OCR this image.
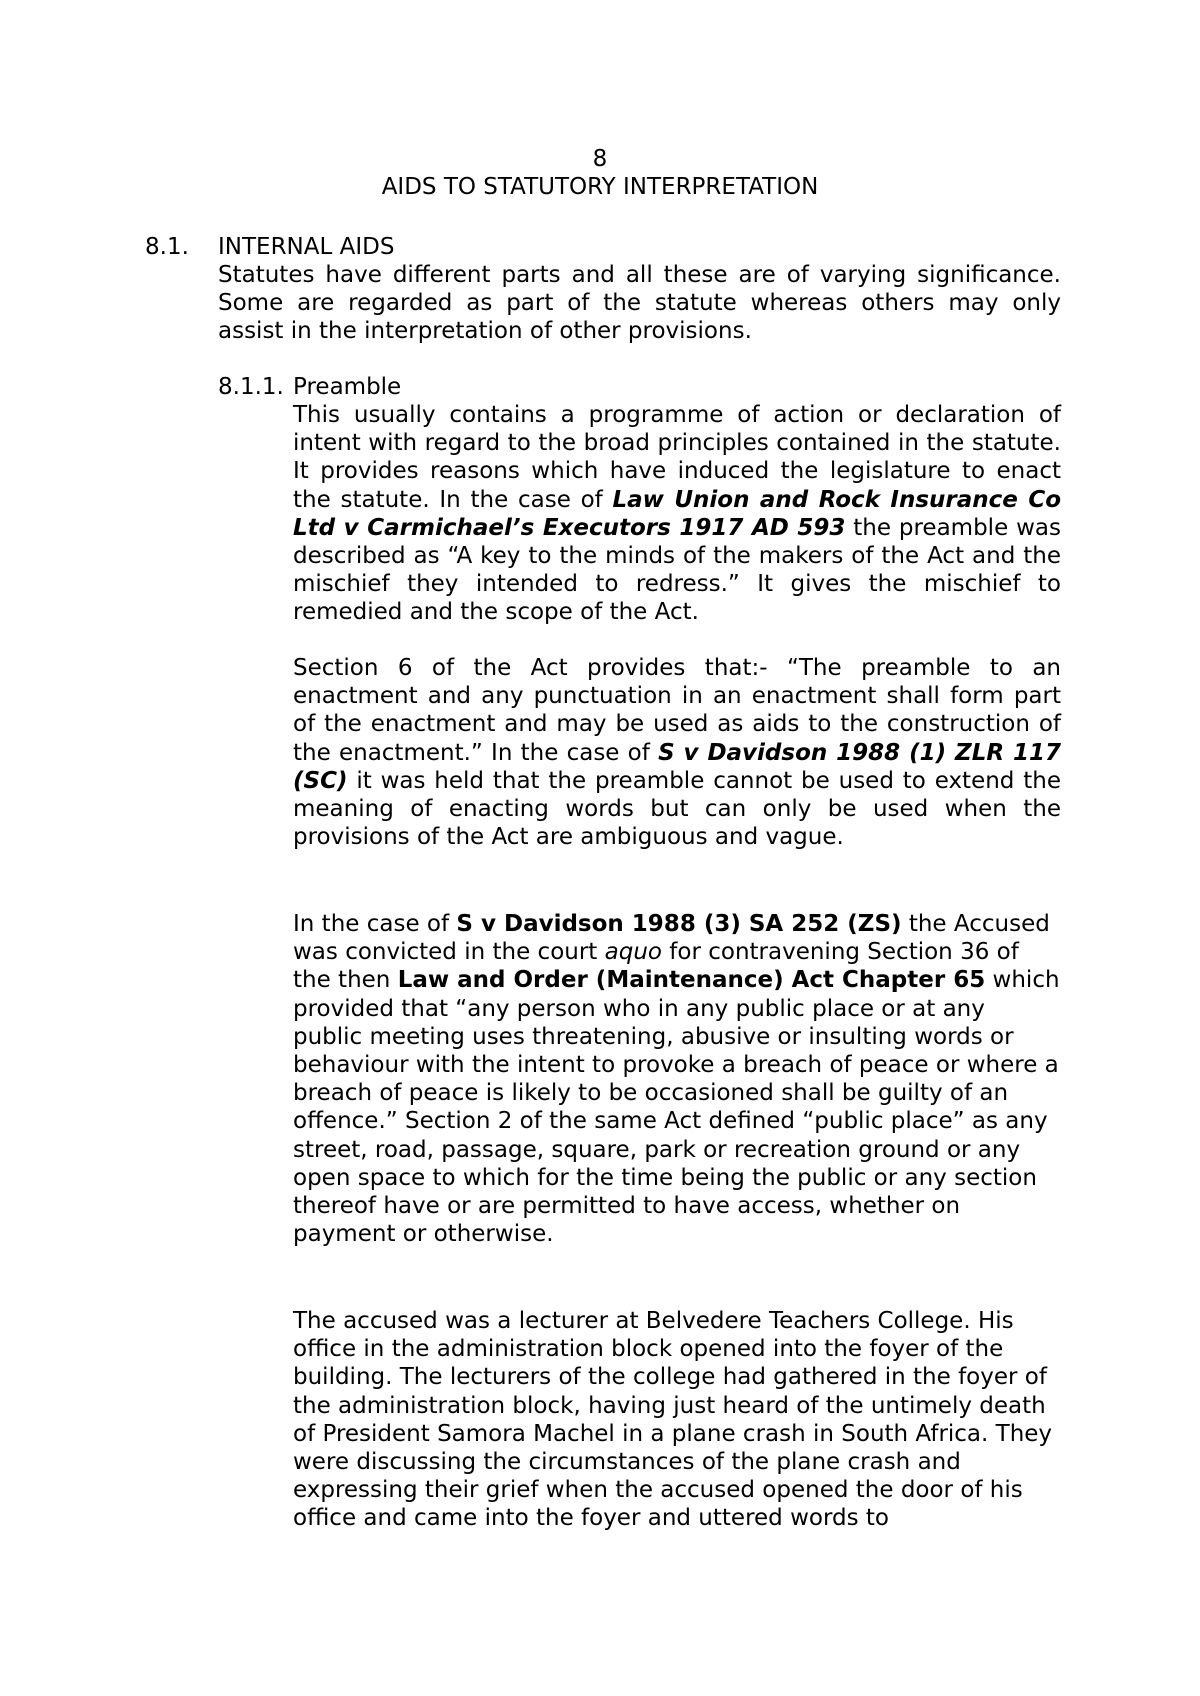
8
AIDS TO STATUTORY INTERPRETATION
8.1. INTERNAL AIDS

Statutes have different parts and all these are of varying significance. Some are regarded as part of the statute whereas others may only assist in the interpretation of other provisions.

8.1.1. Preamble

This usually contains a programme of action or declaration of intent with regard to the broad principles contained in the statute. It provides reasons which have induced the legislature to enact the statute. In the case of Law Union and Rock Insurance Co Ltd v Carmichael’s Executors 1917 AD 593 the preamble was described as “A key to the minds of the makers of the Act and the mischief they intended to redress.” It gives the mischief to remedied and the scope of the Act.

Section 6 of the Act provides that:- “The preamble to an enactment and any punctuation in an enactment shall form part of the enactment and may be used as aids to the construction of the enactment.” In the case of S v Davidson 1988 (1) ZLR 117 (SC) it was held that the preamble cannot be used to extend the meaning of enacting words but can only be used when the provisions of the Act are ambiguous and vague.

In the case of S v Davidson 1988 (3) SA 252 (ZS) the Accused was convicted in the court aquo for contravening Section 36 of the then Law and Order (Maintenance) Act Chapter 65 which provided that “any person who in any public place or at any public meeting uses threatening, abusive or insulting words or behaviour with the intent to provoke a breach of peace or where a breach of peace is likely to be occasioned shall be guilty of an offence.” Section 2 of the same Act defined “public place” as any street, road, passage, square, park or recreation ground or any open space to which for the time being the public or any section thereof have or are permitted to have access, whether on payment or otherwise.

The accused was a lecturer at Belvedere Teachers College. His office in the administration block opened into the foyer of the building. The lecturers of the college had gathered in the foyer of the administration block, having just heard of the untimely death of President Samora Machel in a plane crash in South Africa. They were discussing the circumstances of the plane crash and expressing their grief when the accused opened the door of his office and came into the foyer and uttered words to
